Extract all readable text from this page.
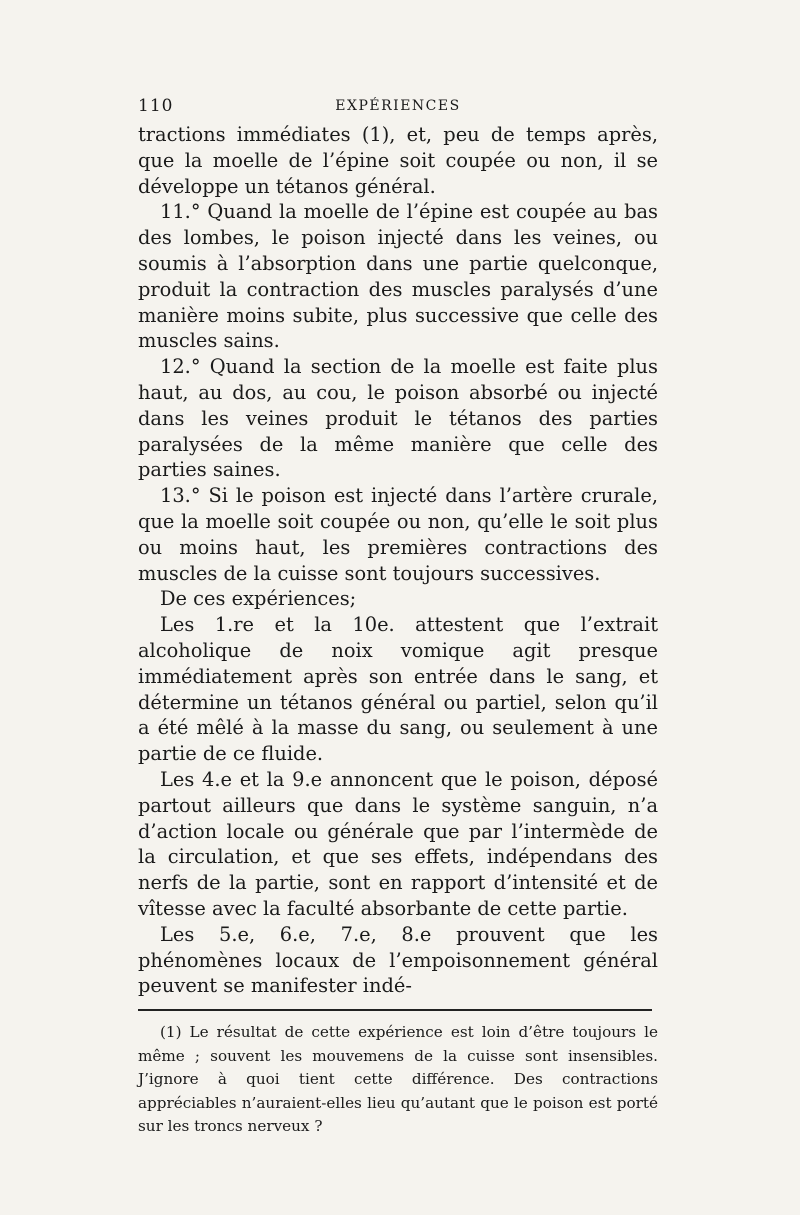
110	EXPÉRIENCES

tractions immédiates (1), et, peu de temps après, que la moelle de l’épine soit coupée ou non, il se développe un tétanos général.

11.° Quand la moelle de l’épine est coupée au bas des lombes, le poison injecté dans les veines, ou soumis à l’absorption dans une partie quelconque, produit la contraction des muscles paralysés d’une manière moins subite, plus successive que celle des muscles sains.

12.° Quand la section de la moelle est faite plus haut, au dos, au cou, le poison absorbé ou injecté dans les veines produit le tétanos des parties paralysées de la même manière que celle des parties saines.

13.° Si le poison est injecté dans l’artère crurale, que la moelle soit coupée ou non, qu’elle le soit plus ou moins haut, les premières contractions des muscles de la cuisse sont toujours successives.

De ces expériences;

Les 1.re et la 10e. attestent que l’extrait alcoholique de noix vomique agit presque immédiatement après son entrée dans le sang, et détermine un tétanos général ou partiel, selon qu’il a été mêlé à la masse du sang, ou seulement à une partie de ce fluide.

Les 4.e et la 9.e annoncent que le poison, déposé partout ailleurs que dans le système sanguin, n’a d’action locale ou générale que par l’intermède de la circulation, et que ses effets, indépendans des nerfs de la partie, sont en rapport d’intensité et de vîtesse avec la faculté absorbante de cette partie.

Les 5.e, 6.e, 7.e, 8.e prouvent que les phénomènes locaux de l’empoisonnement général peuvent se manifester indé-

(1) Le résultat de cette expérience est loin d’être toujours le même ; souvent les mouvemens de la cuisse sont insensibles. J’ignore à quoi tient cette différence. Des contractions appréciables n’auraient-elles lieu qu’autant que le poison est porté sur les troncs nerveux ?
